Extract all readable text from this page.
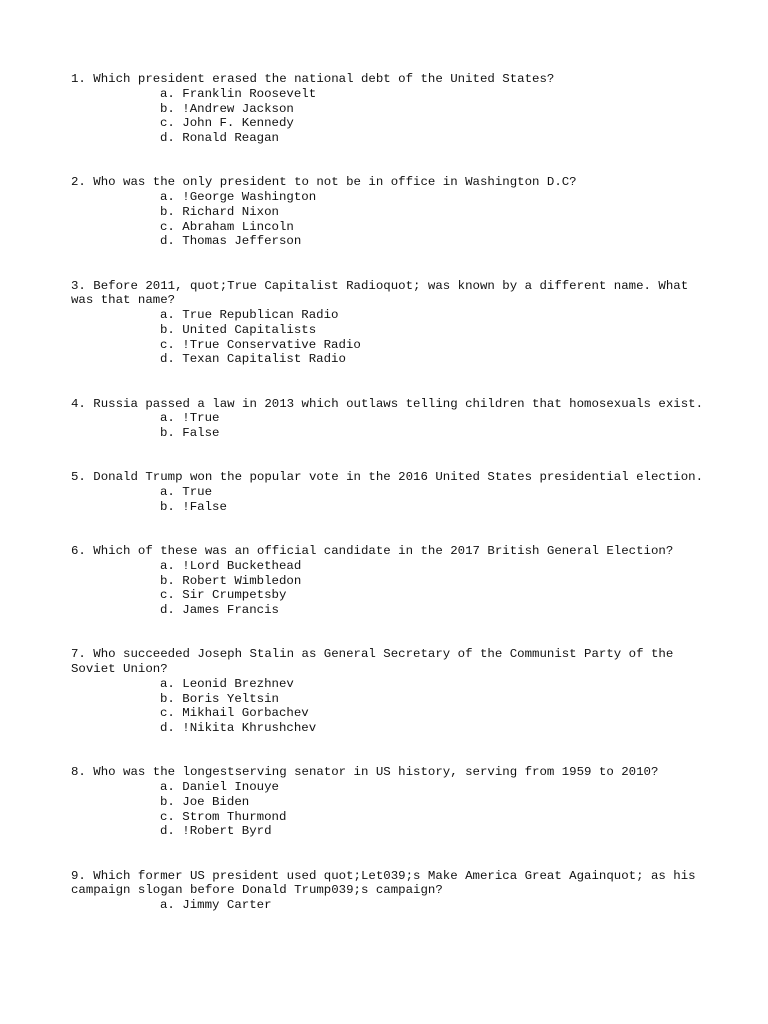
1. Which president erased the national debt of the United States?

a. Franklin Roosevelt
b. !Andrew Jackson
c. John F. Kennedy
d. Ronald Reagan

2. Who was the only president to not be in office in Washington D.C?

a. !George Washington
b. Richard Nixon
c. Abraham Lincoln
d. Thomas Jefferson

3. Before 2011, quot;True Capitalist Radioquot; was known by a different name. What was that name?

a. True Republican Radio
b. United Capitalists
c. !True Conservative Radio
d. Texan Capitalist Radio

4. Russia passed a law in 2013 which outlaws telling children that homosexuals exist.

a. !True
b. False

5. Donald Trump won the popular vote in the 2016 United States presidential election.

a. True
b. !False

6. Which of these was an official candidate in the 2017 British General Election?

a. !Lord Buckethead
b. Robert Wimbledon
c. Sir Crumpetsby
d. James Francis

7. Who succeeded Joseph Stalin as General Secretary of the Communist Party of the Soviet Union?

a. Leonid Brezhnev
b. Boris Yeltsin
c. Mikhail Gorbachev
d. !Nikita Khrushchev

8. Who was the longestserving senator in US history, serving from 1959 to 2010?

a. Daniel Inouye
b. Joe Biden
c. Strom Thurmond
d. !Robert Byrd

9. Which former US president used quot;Let039;s Make America Great Againquot; as his campaign slogan before Donald Trump039;s campaign?

a. Jimmy Carter
